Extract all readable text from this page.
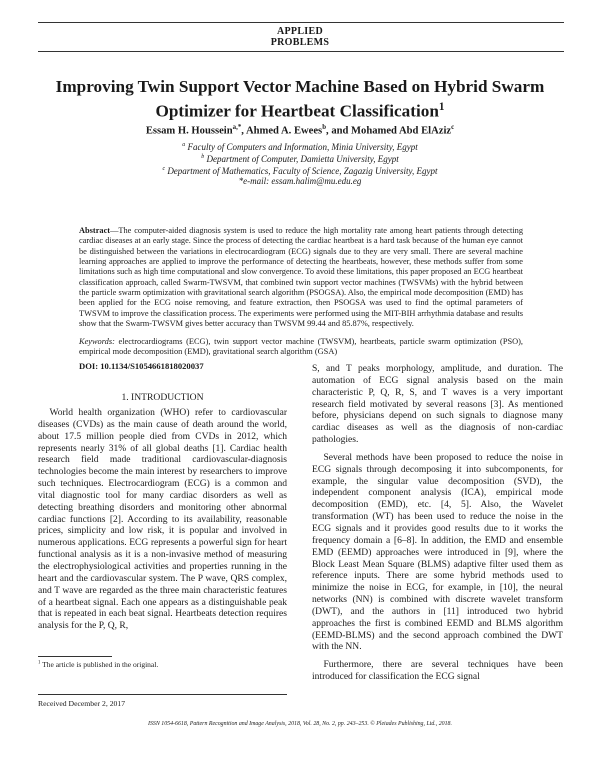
APPLIED
PROBLEMS
Improving Twin Support Vector Machine Based on Hybrid Swarm
Optimizer for Heartbeat Classification$^1$
Essam H. Houssein$^{a,*}$, Ahmed A. Ewees$^b$, and Mohamed Abd ElAziz$^c$
$^a$ Faculty of Computers and Information, Minia University, Egypt
$^b$ Department of Computer, Damietta University, Egypt
$^c$ Department of Mathematics, Faculty of Science, Zagazig University, Egypt
*e-mail: essam.halim@mu.edu.eg
Abstract—The computer-aided diagnosis system is used to reduce the high mortality rate among heart patients through detecting cardiac diseases at an early stage. Since the process of detecting the cardiac heartbeat is a hard task because of the human eye cannot be distinguished between the variations in electrocardiogram (ECG) signals due to they are very small. There are several machine learning approaches are applied to improve the performance of detecting the heartbeats, however, these methods suffer from some limitations such as high time computational and slow convergence. To avoid these limitations, this paper proposed an ECG heartbeat classification approach, called Swarm-TWSVM, that combined twin support vector machines (TWSVMs) with the hybrid between the particle swarm optimization with gravitational search algorithm (PSOGSA). Also, the empirical mode decomposition (EMD) has been applied for the ECG noise removing, and feature extraction, then PSOGSA was used to find the optimal parameters of TWSVM to improve the classification process. The experiments were performed using the MIT-BIH arrhythmia database and results show that the Swarm-TWSVM gives better accuracy than TWSVM 99.44 and 85.87%, respectively.
Keywords: electrocardiograms (ECG), twin support vector machine (TWSVM), heartbeats, particle swarm optimization (PSO), empirical mode decomposition (EMD), gravitational search algorithm (GSA)
DOI: 10.1134/S1054661818020037
1. INTRODUCTION

World health organization (WHO) refer to cardiovascular diseases (CVDs) as the main cause of death around the world, about 17.5 million people died from CVDs in 2012, which represents nearly 31% of all global deaths [1]. Cardiac health research field made traditional cardiovascular-diagnosis technologies become the main interest by researchers to improve such techniques. Electrocardiogram (ECG) is a common and vital diagnostic tool for many cardiac disorders as well as detecting breathing disorders and monitoring other abnormal cardiac functions [2]. According to its availability, reasonable prices, simplicity and low risk, it is popular and involved in numerous applications. ECG represents a powerful sign for heart functional analysis as it is a non-invasive method of measuring the electrophysiological activities and properties running in the heart and the cardiovascular system. The P wave, QRS complex, and T wave are regarded as the three main characteristic features of a heartbeat signal. Each one appears as a distinguishable peak that is repeated in each beat signal. Heartbeats detection requires analysis for the P, Q, R,

S, and T peaks morphology, amplitude, and duration. The automation of ECG signal analysis based on the main characteristic P, Q, R, S, and T waves is a very important research field motivated by several reasons [3]. As mentioned before, physicians depend on such signals to diagnose many cardiac diseases as well as the diagnosis of non-cardiac pathologies.

Several methods have been proposed to reduce the noise in ECG signals through decomposing it into subcomponents, for example, the singular value decomposition (SVD), the independent component analysis (ICA), empirical mode decomposition (EMD), etc. [4, 5]. Also, the Wavelet transformation (WT) has been used to reduce the noise in the ECG signals and it provides good results due to it works the frequency domain a [6–8]. In addition, the EMD and ensemble EMD (EEMD) approaches were introduced in [9], where the Block Least Mean Square (BLMS) adaptive filter used them as reference inputs. There are some hybrid methods used to minimize the noise in ECG, for example, in [10], the neural networks (NN) is combined with discrete wavelet transform (DWT), and the authors in [11] introduced two hybrid approaches the first is combined EEMD and BLMS algorithm (EEMD-BLMS) and the second approach combined the DWT with the NN.

Furthermore, there are several techniques have been introduced for classification the ECG signal

$^1$ The article is published in the original.
Received December 2, 2017
ISSN 1054-6618, Pattern Recognition and Image Analysis, 2018, Vol. 28, No. 2, pp. 243–253. © Pleiades Publishing, Ltd., 2018.
